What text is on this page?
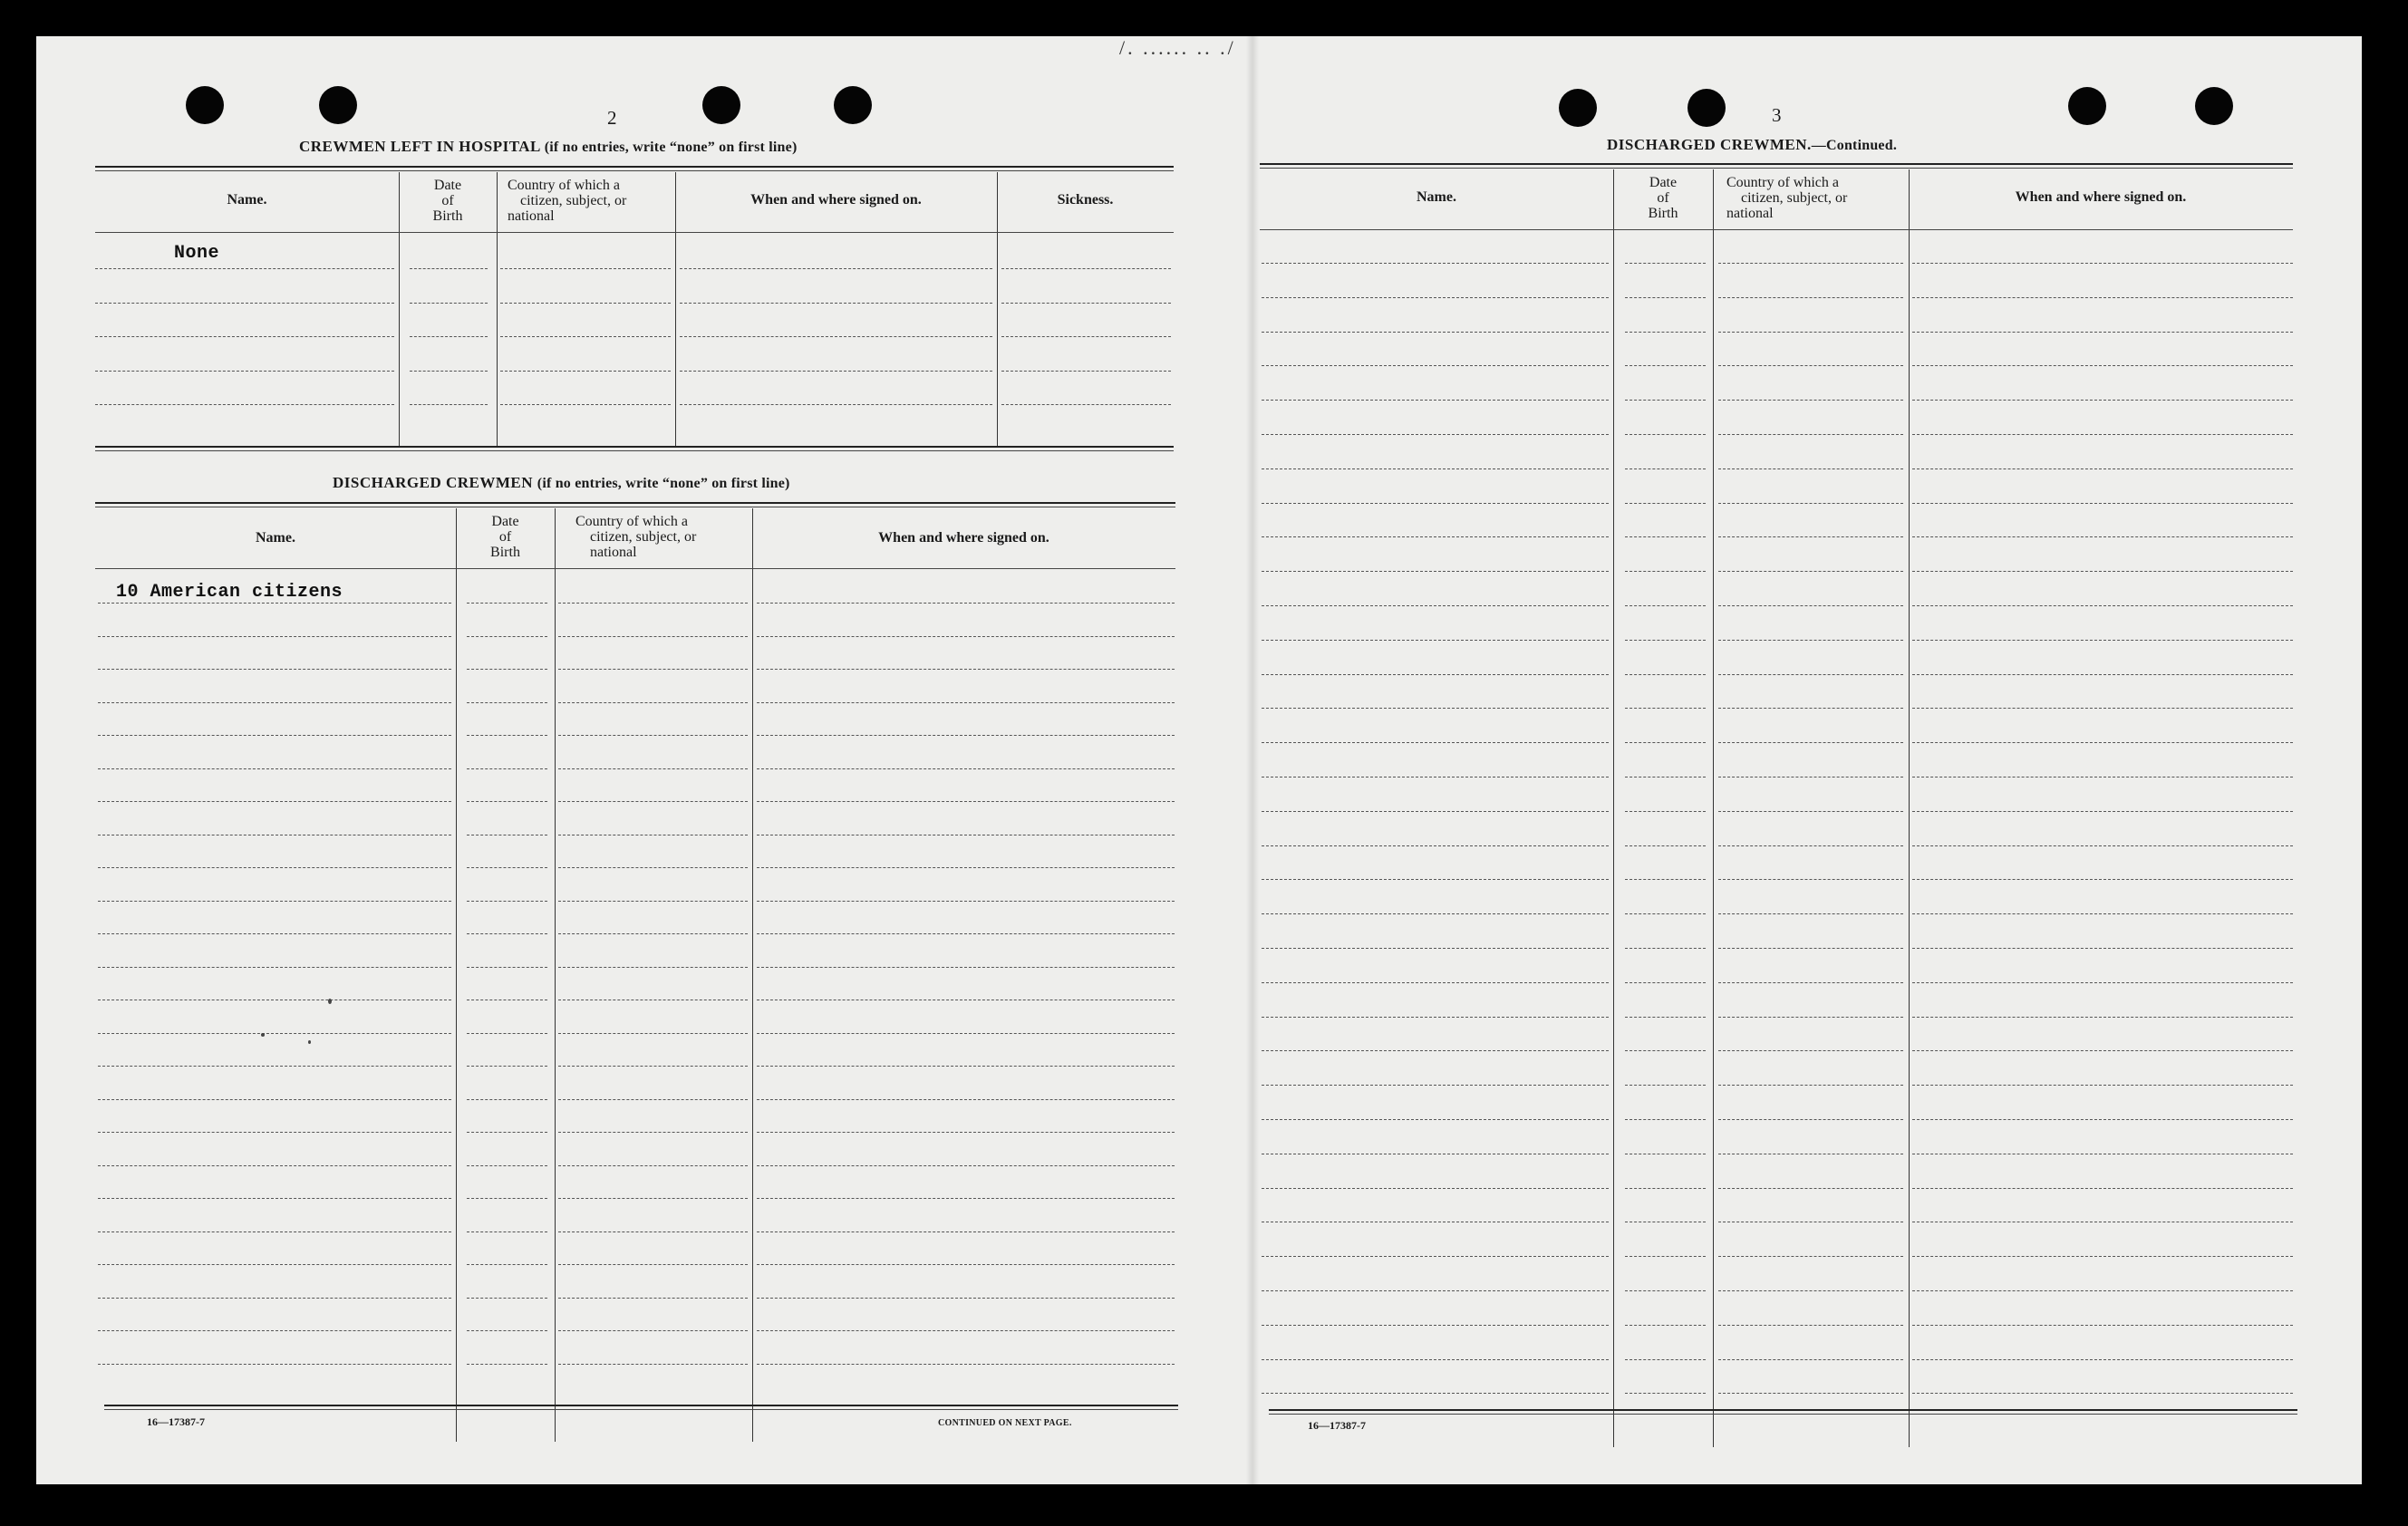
/. ...... .. ./
2
CREWMEN LEFT IN HOSPITAL (if no entries, write “none” on first line)
Name.
Date
of
Birth
Country of which a
citizen, subject, or
national
When and where signed on.	Sickness.
None
DISCHARGED CREWMEN (if no entries, write “none” on first line)
Name.
Date
of
Birth
Country of which a
citizen, subject, or
national
When and where signed on.
10 American citizens
16—17387-7	CONTINUED ON NEXT PAGE.
3
DISCHARGED CREWMEN.—Continued.
Name.
Date
of
Birth
Country of which a
citizen, subject, or
national
When and where signed on.
16—17387-7
